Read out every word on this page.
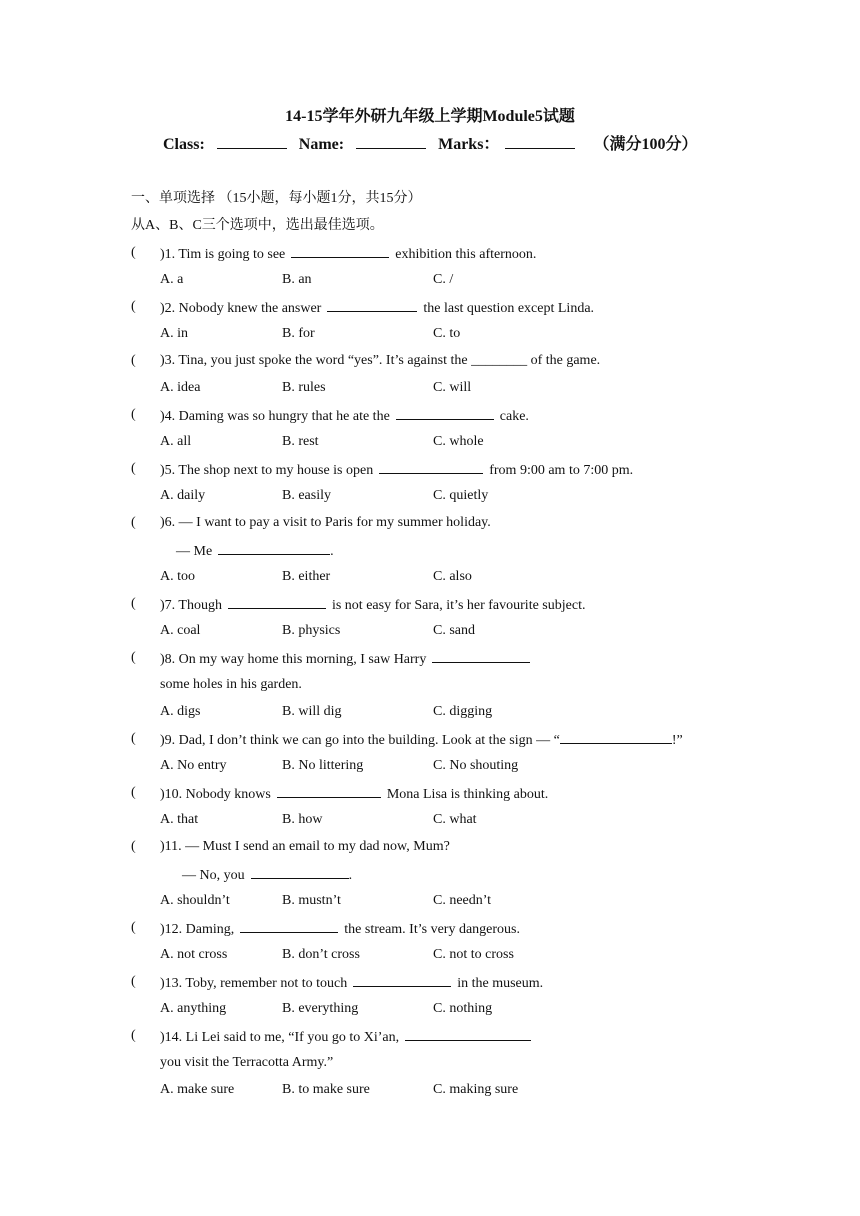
14-15学年外研九年级上学期Module5试题
Class:	Name:	Marks：	（满分100分）
一、单项选择 （15小题，每小题1分，共15分）
从A、B、C三个选项中，选出最佳选项。
( )1. Tim is going to see	exhibition this afternoon.
A. a	B. an	C. /
( )2. Nobody knew the answer	the last question except Linda.
A. in	B. for	C. to
( )3. Tina, you just spoke the word “yes”. It’s against the ________ of the game.
A. idea	B. rules	C. will
( )4. Daming was so hungry that he ate the	cake.
A. all	B. rest	C. whole
( )5. The shop next to my house is open	from 9:00 am to 7:00 pm.
A. daily	B. easily	C. quietly
( )6. — I want to pay a visit to Paris for my summer holiday.
— Me	.
A. too	B. either	C. also
( )7. Though	is not easy for Sara, it’s her favourite subject.
A. coal	B. physics	C. sand
( )8. On my way home this morning, I saw Harry
some holes in his garden.
A. digs	B. will dig	C. digging
( )9. Dad, I don’t think we can go into the building. Look at the sign — “	!”
A. No entry	B. No littering	C. No shouting
( )10. Nobody knows	Mona Lisa is thinking about.
A. that	B. how	C. what
( )11. — Must I send an email to my dad now, Mum?
— No, you	.
A. shouldn’t	B. mustn’t	C. needn’t
( )12. Daming,	the stream. It’s very dangerous.
A. not cross	B. don’t cross	C. not to cross
( )13. Toby, remember not to touch	in the museum.
A. anything	B. everything	C. nothing
( )14. Li Lei said to me, “If you go to Xi’an,
you visit the Terracotta Army.”
A. make sure	B. to make sure	C. making sure
